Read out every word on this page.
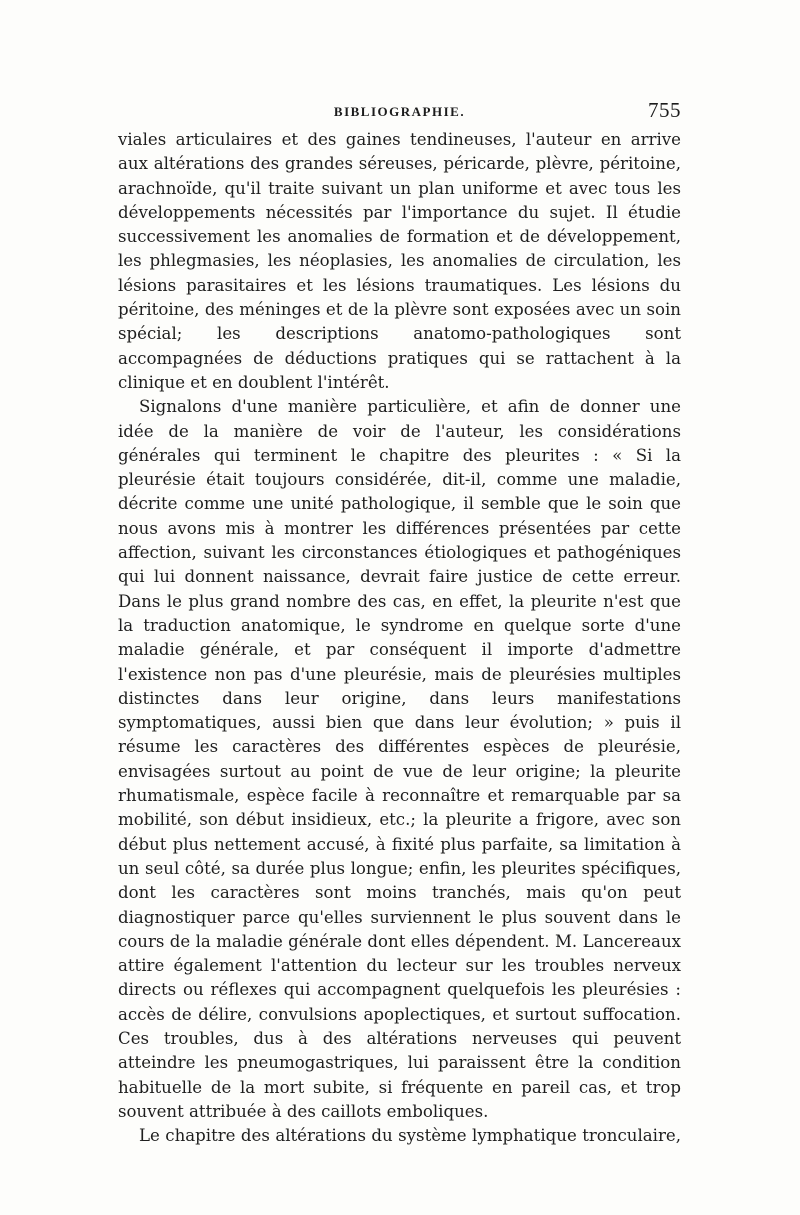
BIBLIOGRAPHIE.	755

viales articulaires et des gaines tendineuses, l'auteur en arrive aux altérations des grandes séreuses, péricarde, plèvre, péritoine, arachnoïde, qu'il traite suivant un plan uniforme et avec tous les développements nécessités par l'importance du sujet. Il étudie successivement les anomalies de formation et de développement, les phlegmasies, les néoplasies, les anomalies de circulation, les lésions parasitaires et les lésions traumatiques. Les lésions du péritoine, des méninges et de la plèvre sont exposées avec un soin spécial; les descriptions anatomo-pathologiques sont accompagnées de déductions pratiques qui se rattachent à la clinique et en doublent l'intérêt.

Signalons d'une manière particulière, et afin de donner une idée de la manière de voir de l'auteur, les considérations générales qui terminent le chapitre des pleurites : « Si la pleurésie était toujours considérée, dit-il, comme une maladie, décrite comme une unité pathologique, il semble que le soin que nous avons mis à montrer les différences présentées par cette affection, suivant les circonstances étiologiques et pathogéniques qui lui donnent naissance, devrait faire justice de cette erreur. Dans le plus grand nombre des cas, en effet, la pleurite n'est que la traduction anatomique, le syndrome en quelque sorte d'une maladie générale, et par conséquent il importe d'admettre l'existence non pas d'une pleurésie, mais de pleurésies multiples distinctes dans leur origine, dans leurs manifestations symptomatiques, aussi bien que dans leur évolution; » puis il résume les caractères des différentes espèces de pleurésie, envisagées surtout au point de vue de leur origine; la pleurite rhumatismale, espèce facile à reconnaître et remarquable par sa mobilité, son début insidieux, etc.; la pleurite a frigore, avec son début plus nettement accusé, à fixité plus parfaite, sa limitation à un seul côté, sa durée plus longue; enfin, les pleurites spécifiques, dont les caractères sont moins tranchés, mais qu'on peut diagnostiquer parce qu'elles surviennent le plus souvent dans le cours de la maladie générale dont elles dépendent. M. Lancereaux attire également l'attention du lecteur sur les troubles nerveux directs ou réflexes qui accompagnent quelquefois les pleurésies : accès de délire, convulsions apoplectiques, et surtout suffocation. Ces troubles, dus à des altérations nerveuses qui peuvent atteindre les pneumogastriques, lui paraissent être la condition habituelle de la mort subite, si fréquente en pareil cas, et trop souvent attribuée à des caillots emboliques.

Le chapitre des altérations du système lymphatique tronculaire,
